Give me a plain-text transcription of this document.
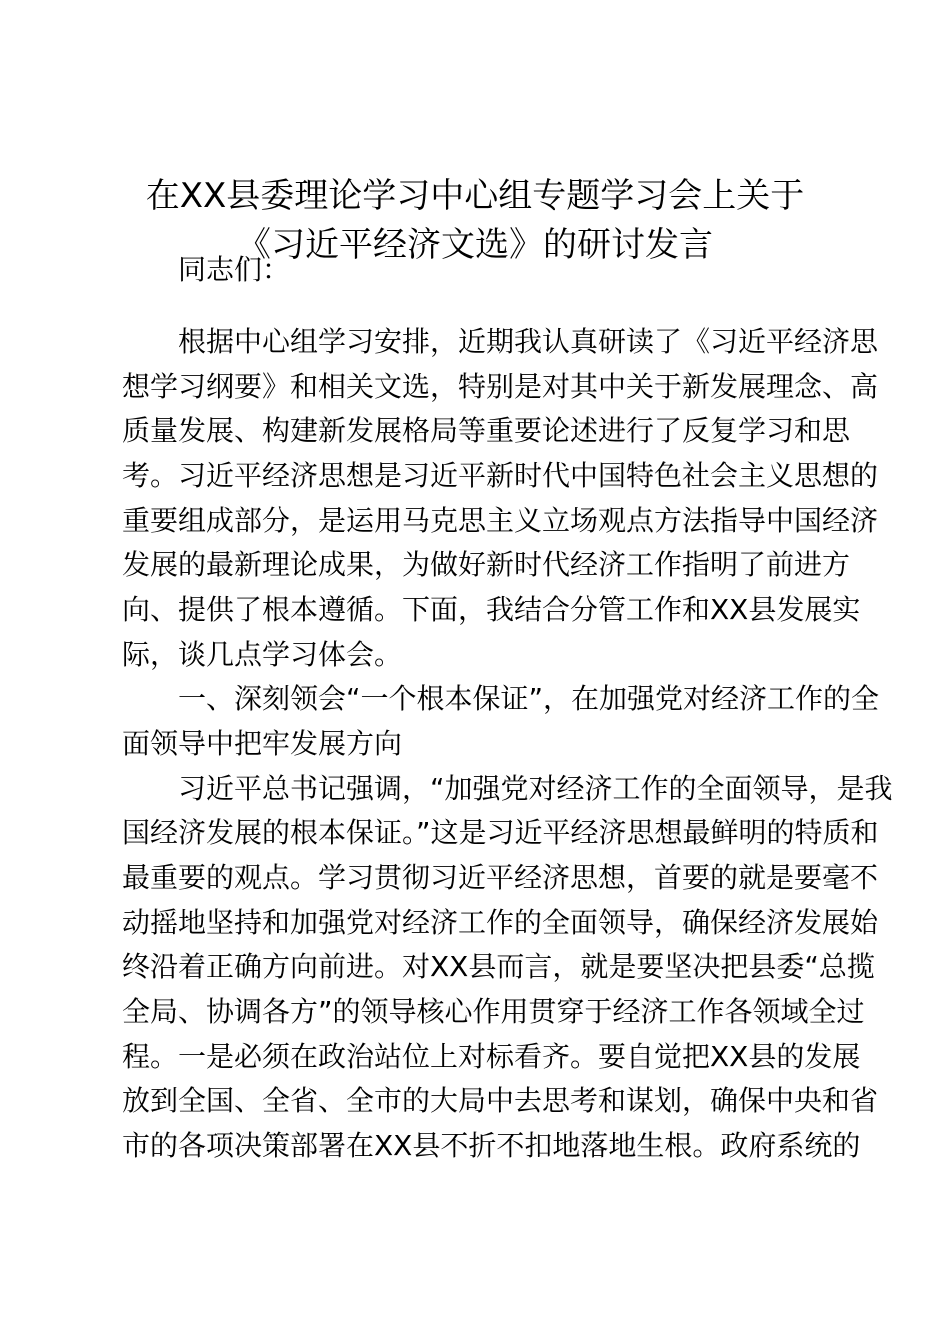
在XX县委理论学习中心组专题学习会上关于
《习近平经济文选》的研讨发言
同志们：
根据中心组学习安排，近期我认真研读了《习近平经济思
想学习纲要》和相关文选，特别是对其中关于新发展理念、高
质量发展、构建新发展格局等重要论述进行了反复学习和思
考。习近平经济思想是习近平新时代中国特色社会主义思想的
重要组成部分，是运用马克思主义立场观点方法指导中国经济
发展的最新理论成果，为做好新时代经济工作指明了前进方
向、提供了根本遵循。下面，我结合分管工作和XX县发展实
际，谈几点学习体会。
一、深刻领会“一个根本保证”，在加强党对经济工作的全
面领导中把牢发展方向
习近平总书记强调，“加强党对经济工作的全面领导，是我
国经济发展的根本保证。”这是习近平经济思想最鲜明的特质和
最重要的观点。学习贯彻习近平经济思想，首要的就是要毫不
动摇地坚持和加强党对经济工作的全面领导，确保经济发展始
终沿着正确方向前进。对XX县而言，就是要坚决把县委“总揽
全局、协调各方”的领导核心作用贯穿于经济工作各领域全过
程。一是必须在政治站位上对标看齐。要自觉把XX县的发展
放到全国、全省、全市的大局中去思考和谋划，确保中央和省
市的各项决策部署在XX县不折不扣地落地生根。政府系统的
